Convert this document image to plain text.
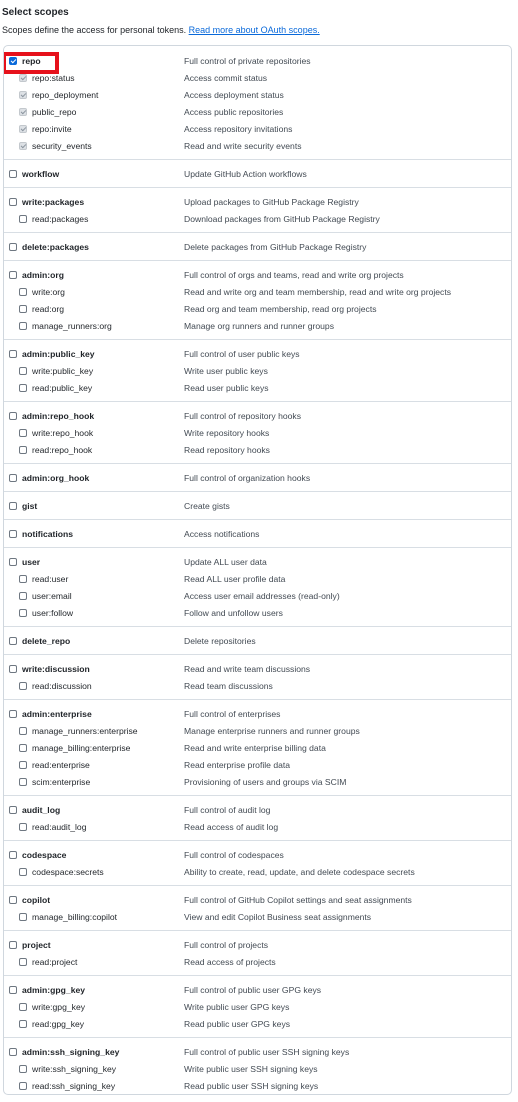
Select scopes
Scopes define the access for personal tokens. Read more about OAuth scopes.
repo	Full control of private repositories
repo:status	Access commit status
repo_deployment	Access deployment status
public_repo	Access public repositories
repo:invite	Access repository invitations
security_events	Read and write security events
workflow	Update GitHub Action workflows
write:packages	Upload packages to GitHub Package Registry
read:packages	Download packages from GitHub Package Registry
delete:packages	Delete packages from GitHub Package Registry
admin:org	Full control of orgs and teams, read and write org projects
write:org	Read and write org and team membership, read and write org projects
read:org	Read org and team membership, read org projects
manage_runners:org	Manage org runners and runner groups
admin:public_key	Full control of user public keys
write:public_key	Write user public keys
read:public_key	Read user public keys
admin:repo_hook	Full control of repository hooks
write:repo_hook	Write repository hooks
read:repo_hook	Read repository hooks
admin:org_hook	Full control of organization hooks
gist	Create gists
notifications	Access notifications
user	Update ALL user data
read:user	Read ALL user profile data
user:email	Access user email addresses (read-only)
user:follow	Follow and unfollow users
delete_repo	Delete repositories
write:discussion	Read and write team discussions
read:discussion	Read team discussions
admin:enterprise	Full control of enterprises
manage_runners:enterprise	Manage enterprise runners and runner groups
manage_billing:enterprise	Read and write enterprise billing data
read:enterprise	Read enterprise profile data
scim:enterprise	Provisioning of users and groups via SCIM
audit_log	Full control of audit log
read:audit_log	Read access of audit log
codespace	Full control of codespaces
codespace:secrets	Ability to create, read, update, and delete codespace secrets
copilot	Full control of GitHub Copilot settings and seat assignments
manage_billing:copilot	View and edit Copilot Business seat assignments
project	Full control of projects
read:project	Read access of projects
admin:gpg_key	Full control of public user GPG keys
write:gpg_key	Write public user GPG keys
read:gpg_key	Read public user GPG keys
admin:ssh_signing_key	Full control of public user SSH signing keys
write:ssh_signing_key	Write public user SSH signing keys
read:ssh_signing_key	Read public user SSH signing keys
